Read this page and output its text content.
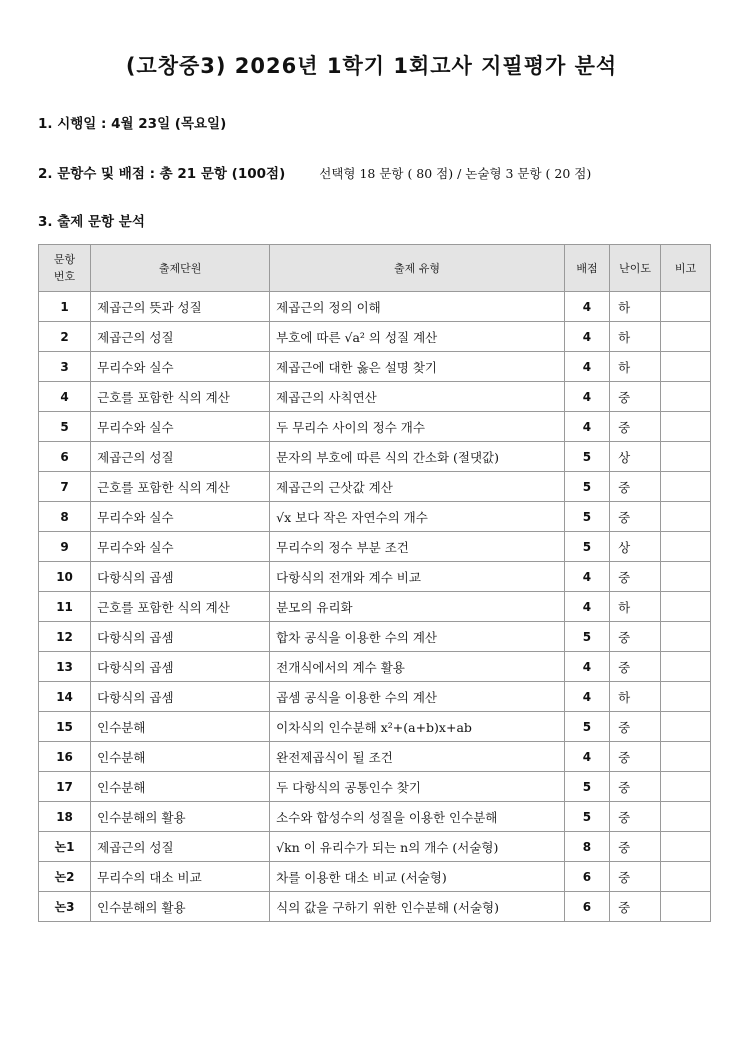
(고창중3) 2026년 1학기 1회고사 지필평가 분석
1. 시행일 : 4월 23일 (목요일)
2. 문항수 및 배점 : 총 21 문항 (100점)	선택형 18 문항 ( 80 점) / 논술형 3 문항 ( 20 점)
3. 출제 문항 분석
문항
번호	출제단원	출제 유형	배점	난이도	비고
1	제곱근의 뜻과 성질	제곱근의 정의 이해	4	하	
2	제곱근의 성질	부호에 따른 √a² 의 성질 계산	4	하	
3	무리수와 실수	제곱근에 대한 옳은 설명 찾기	4	하	
4	근호를 포함한 식의 계산	제곱근의 사칙연산	4	중	
5	무리수와 실수	두 무리수 사이의 정수 개수	4	중	
6	제곱근의 성질	문자의 부호에 따른 식의 간소화 (절댓값)	5	상	
7	근호를 포함한 식의 계산	제곱근의 근삿값 계산	5	중	
8	무리수와 실수	√x 보다 작은 자연수의 개수	5	중	
9	무리수와 실수	무리수의 정수 부분 조건	5	상	
10	다항식의 곱셈	다항식의 전개와 계수 비교	4	중	
11	근호를 포함한 식의 계산	분모의 유리화	4	하	
12	다항식의 곱셈	합차 공식을 이용한 수의 계산	5	중	
13	다항식의 곱셈	전개식에서의 계수 활용	4	중	
14	다항식의 곱셈	곱셈 공식을 이용한 수의 계산	4	하	
15	인수분해	이차식의 인수분해 x²+(a+b)x+ab	5	중	
16	인수분해	완전제곱식이 될 조건	4	중	
17	인수분해	두 다항식의 공통인수 찾기	5	중	
18	인수분해의 활용	소수와 합성수의 성질을 이용한 인수분해	5	중	
논1	제곱근의 성질	√kn 이 유리수가 되는 n의 개수 (서술형)	8	중	
논2	무리수의 대소 비교	차를 이용한 대소 비교 (서술형)	6	중	
논3	인수분해의 활용	식의 값을 구하기 위한 인수분해 (서술형)	6	중	
